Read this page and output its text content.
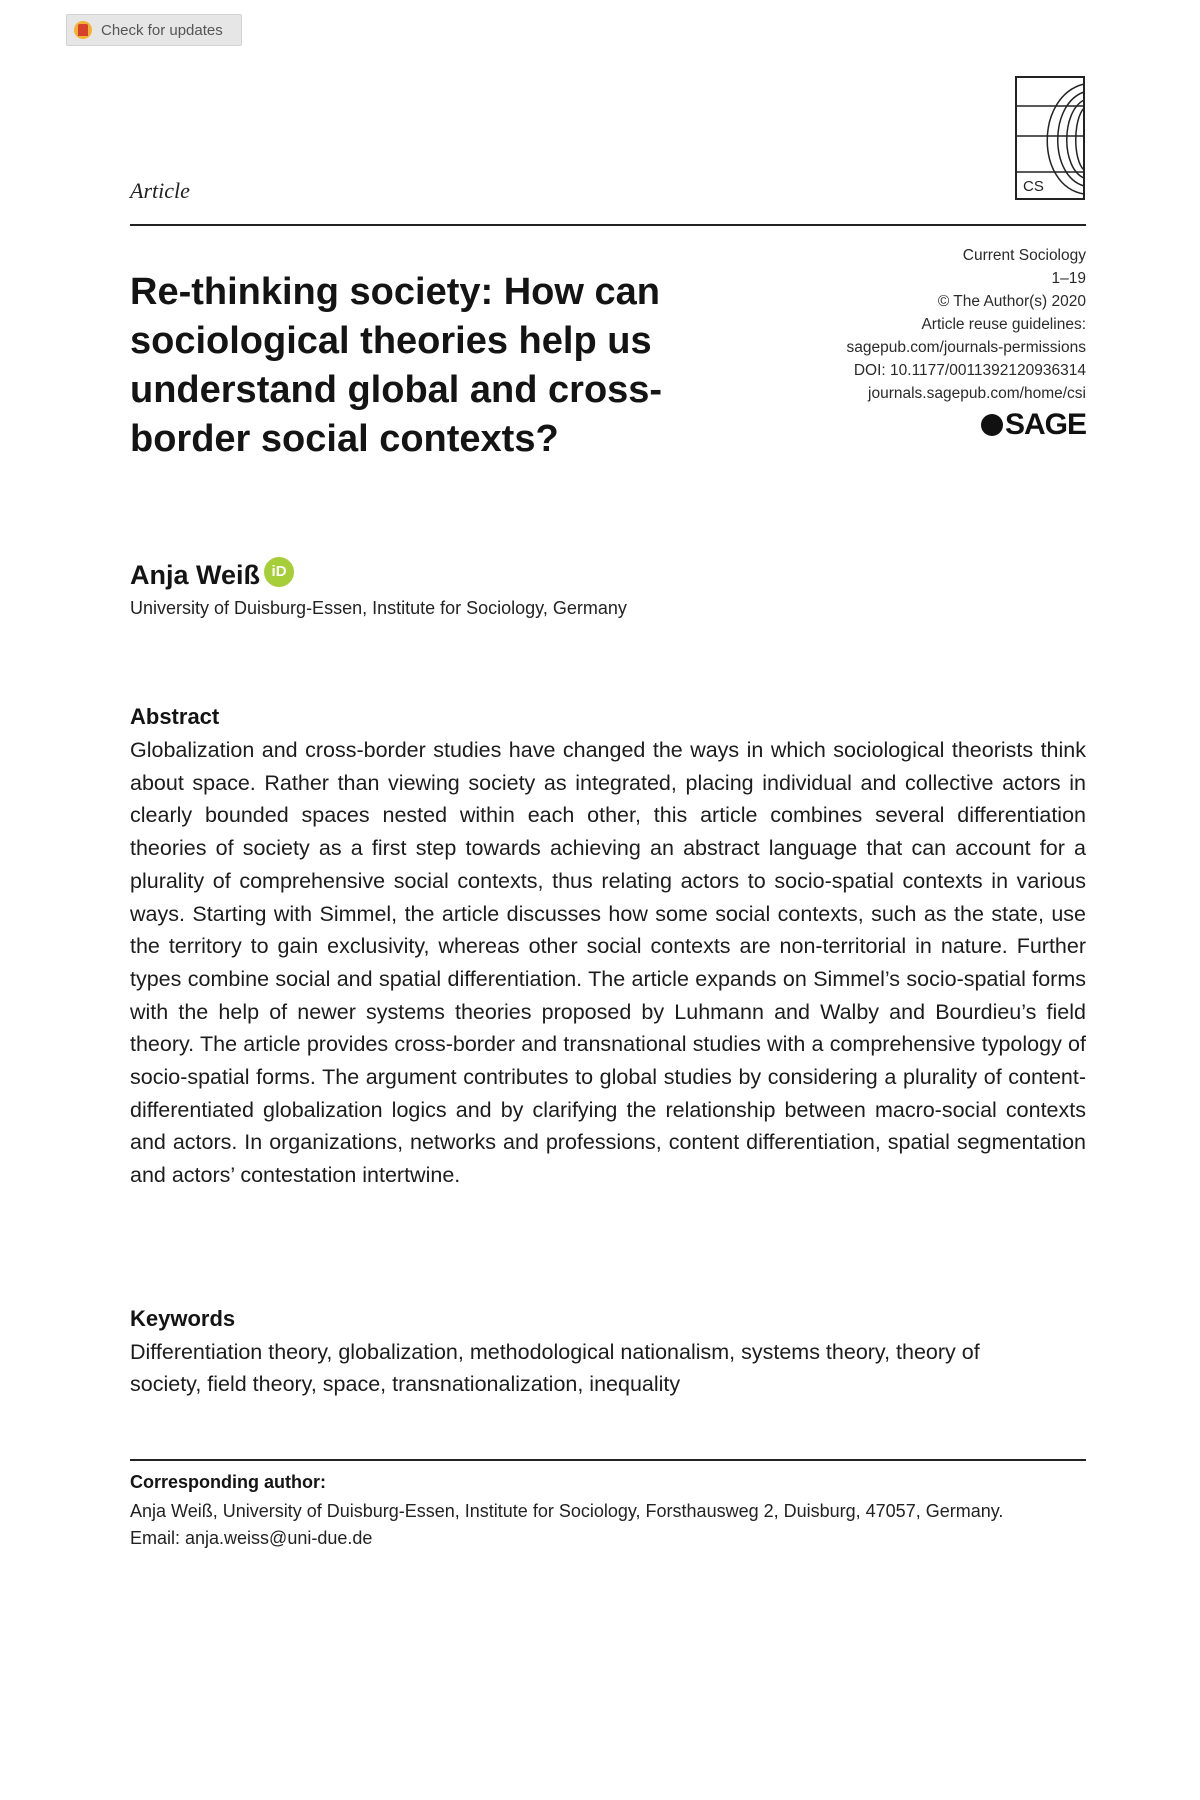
Check for updates
Article	CS
Current Sociology
1–19
© The Author(s) 2020
Article reuse guidelines:
sagepub.com/journals-permissions
DOI: 10.1177/0011392120936314
journals.sagepub.com/home/csi
SAGE
Re-thinking society: How can sociological theories help us understand global and cross-border social contexts?
Anja Weiß iD
University of Duisburg-Essen, Institute for Sociology, Germany
Abstract
Globalization and cross-border studies have changed the ways in which sociological theorists think about space. Rather than viewing society as integrated, placing individual and collective actors in clearly bounded spaces nested within each other, this article combines several differentiation theories of society as a first step towards achieving an abstract language that can account for a plurality of comprehensive social contexts, thus relating actors to socio-spatial contexts in various ways. Starting with Simmel, the article discusses how some social contexts, such as the state, use the territory to gain exclusivity, whereas other social contexts are non-territorial in nature. Further types combine social and spatial differentiation. The article expands on Simmel’s socio-spatial forms with the help of newer systems theories proposed by Luhmann and Walby and Bourdieu’s field theory. The article provides cross-border and transnational studies with a comprehensive typology of socio-spatial forms. The argument contributes to global studies by considering a plurality of content-differentiated globalization logics and by clarifying the relationship between macro-social contexts and actors. In organizations, networks and professions, content differentiation, spatial segmentation and actors’ contestation intertwine.
Keywords
Differentiation theory, globalization, methodological nationalism, systems theory, theory of society, field theory, space, transnationalization, inequality
Corresponding author:
Anja Weiß, University of Duisburg-Essen, Institute for Sociology, Forsthausweg 2, Duisburg, 47057, Germany.
Email: anja.weiss@uni-due.de
